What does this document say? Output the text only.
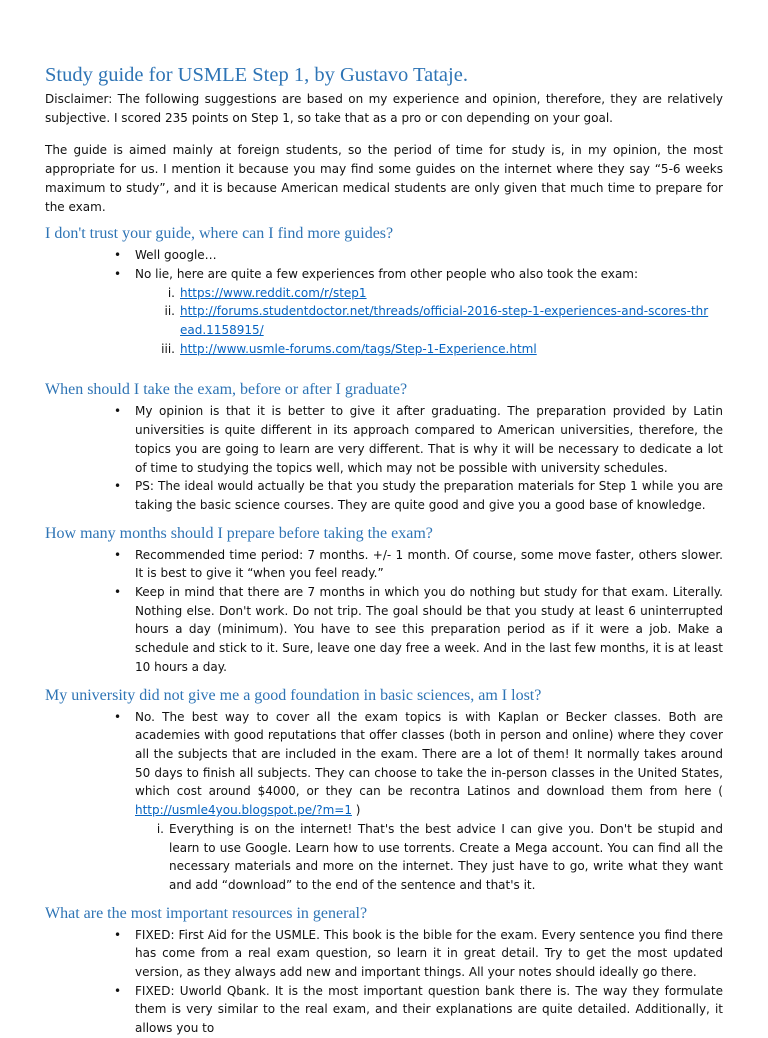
Study guide for USMLE Step 1, by Gustavo Tataje.

Disclaimer: The following suggestions are based on my experience and opinion, therefore, they are relatively subjective. I scored 235 points on Step 1, so take that as a pro or con depending on your goal.

The guide is aimed mainly at foreign students, so the period of time for study is, in my opinion, the most appropriate for us. I mention it because you may find some guides on the internet where they say “5-6 weeks maximum to study”, and it is because American medical students are only given that much time to prepare for the exam.

I don't trust your guide, where can I find more guides?
• Well google…
• No lie, here are quite a few experiences from other people who also took the exam:
i. https://www.reddit.com/r/step1
ii. http://forums.studentdoctor.net/threads/official-2016-step-1-experiences-and-scores-thread.1158915/
iii. http://www.usmle-forums.com/tags/Step-1-Experience.html
When should I take the exam, before or after I graduate?
• My opinion is that it is better to give it after graduating. The preparation provided by Latin universities is quite different in its approach compared to American universities, therefore, the topics you are going to learn are very different. That is why it will be necessary to dedicate a lot of time to studying the topics well, which may not be possible with university schedules.
• PS: The ideal would actually be that you study the preparation materials for Step 1 while you are taking the basic science courses. They are quite good and give you a good base of knowledge.
How many months should I prepare before taking the exam?
• Recommended time period: 7 months. +/- 1 month. Of course, some move faster, others slower. It is best to give it “when you feel ready.”
• Keep in mind that there are 7 months in which you do nothing but study for that exam. Literally. Nothing else. Don't work. Do not trip. The goal should be that you study at least 6 uninterrupted hours a day (minimum). You have to see this preparation period as if it were a job. Make a schedule and stick to it. Sure, leave one day free a week. And in the last few months, it is at least 10 hours a day.
My university did not give me a good foundation in basic sciences, am I lost?
• No. The best way to cover all the exam topics is with Kaplan or Becker classes. Both are academies with good reputations that offer classes (both in person and online) where they cover all the subjects that are included in the exam. There are a lot of them! It normally takes around 50 days to finish all subjects. They can choose to take the in-person classes in the United States, which cost around $4000, or they can be recontra Latinos and download them from here ( http://usmle4you.blogspot.pe/?m=1 )
i. Everything is on the internet! That's the best advice I can give you. Don't be stupid and learn to use Google. Learn how to use torrents. Create a Mega account. You can find all the necessary materials and more on the internet. They just have to go, write what they want and add “download” to the end of the sentence and that's it.
What are the most important resources in general?
• FIXED: First Aid for the USMLE. This book is the bible for the exam. Every sentence you find there has come from a real exam question, so learn it in great detail. Try to get the most updated version, as they always add new and important things. All your notes should ideally go there.
• FIXED: Uworld Qbank. It is the most important question bank there is. The way they formulate them is very similar to the real exam, and their explanations are quite detailed. Additionally, it allows you to
